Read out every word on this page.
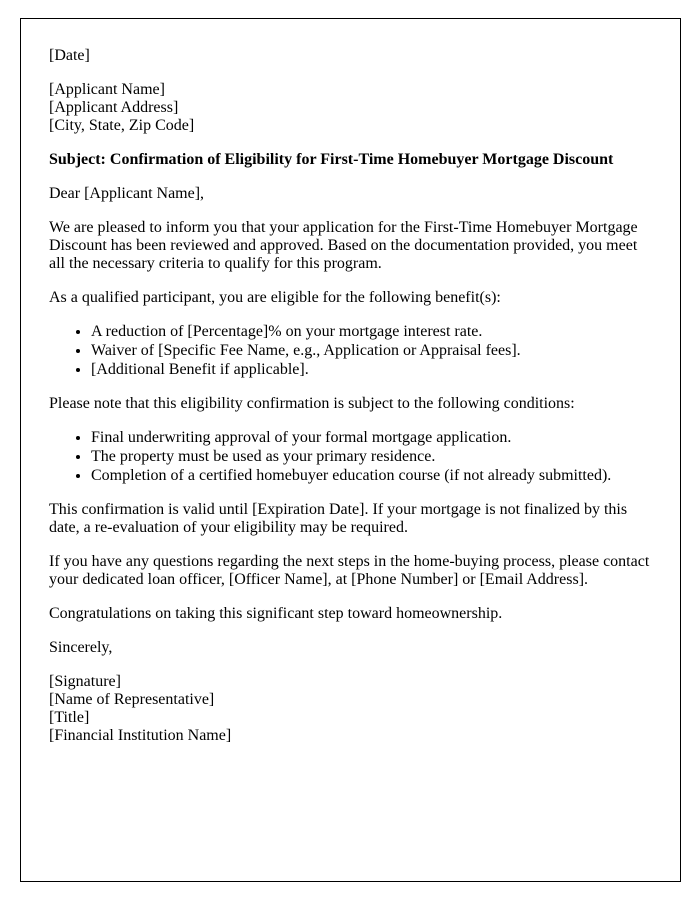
[Date]

[Applicant Name]
[Applicant Address]
[City, State, Zip Code]

Subject: Confirmation of Eligibility for First-Time Homebuyer Mortgage Discount

Dear [Applicant Name],

We are pleased to inform you that your application for the First-Time Homebuyer Mortgage Discount has been reviewed and approved. Based on the documentation provided, you meet all the necessary criteria to qualify for this program.

As a qualified participant, you are eligible for the following benefit(s):

• A reduction of [Percentage]% on your mortgage interest rate.
• Waiver of [Specific Fee Name, e.g., Application or Appraisal fees].
• [Additional Benefit if applicable].

Please note that this eligibility confirmation is subject to the following conditions:

• Final underwriting approval of your formal mortgage application.
• The property must be used as your primary residence.
• Completion of a certified homebuyer education course (if not already submitted).

This confirmation is valid until [Expiration Date]. If your mortgage is not finalized by this date, a re-evaluation of your eligibility may be required.

If you have any questions regarding the next steps in the home-buying process, please contact your dedicated loan officer, [Officer Name], at [Phone Number] or [Email Address].

Congratulations on taking this significant step toward homeownership.

Sincerely,

[Signature]
[Name of Representative]
[Title]
[Financial Institution Name]
